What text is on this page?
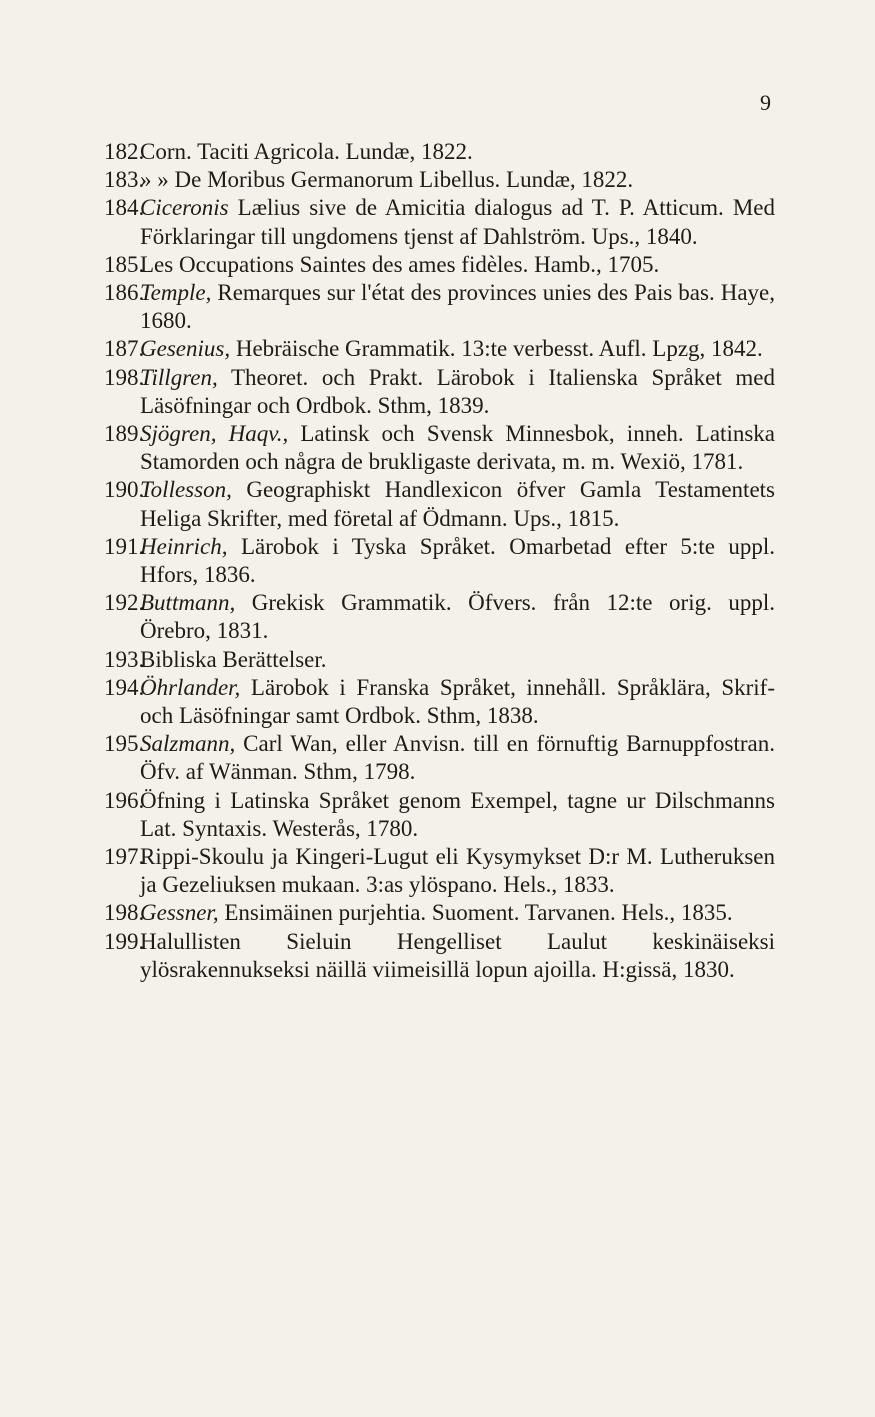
9
182.
Corn. Taciti Agricola. Lundæ, 1822.
183.
» » De Moribus Germanorum Libellus. Lundæ, 1822.
184.
Ciceronis Lælius sive de Amicitia dialogus ad T. P. Atticum. Med Förklaringar till ungdomens tjenst af Dahlström. Ups., 1840.
185.
Les Occupations Saintes des ames fidèles. Hamb., 1705.
186.
Temple, Remarques sur l'état des provinces unies des Pais bas. Haye, 1680.
187.
Gesenius, Hebräische Grammatik. 13:te verbesst. Aufl. Lpzg, 1842.
198.
Tillgren, Theoret. och Prakt. Lärobok i Italienska Språket med Läsöfningar och Ordbok. Sthm, 1839.
189.
Sjögren, Haqv., Latinsk och Svensk Minnesbok, inneh. Latinska Stamorden och några de brukligaste derivata, m. m. Wexiö, 1781.
190.
Tollesson, Geographiskt Handlexicon öfver Gamla Testamentets Heliga Skrifter, med företal af Ödmann. Ups., 1815.
191.
Heinrich, Lärobok i Tyska Språket. Omarbetad efter 5:te uppl. Hfors, 1836.
192.
Buttmann, Grekisk Grammatik. Öfvers. från 12:te orig. uppl. Örebro, 1831.
193.
Bibliska Berättelser.
194.
Öhrlander, Lärobok i Franska Språket, innehåll. Språklära, Skrif- och Läsöfningar samt Ordbok. Sthm, 1838.
195.
Salzmann, Carl Wan, eller Anvisn. till en förnuftig Barnuppfostran. Öfv. af Wänman. Sthm, 1798.
196.
Öfning i Latinska Språket genom Exempel, tagne ur Dilschmanns Lat. Syntaxis. Westerås, 1780.
197.
Rippi-Skoulu ja Kingeri-Lugut eli Kysymykset D:r M. Lutheruksen ja Gezeliuksen mukaan. 3:as ylöspano. Hels., 1833.
198.
Gessner, Ensimäinen purjehtia. Suoment. Tarvanen. Hels., 1835.
199.
Halullisten Sieluin Hengelliset Laulut keskinäiseksi ylösrakennukseksi näillä viimeisillä lopun ajoilla. H:gissä, 1830.
